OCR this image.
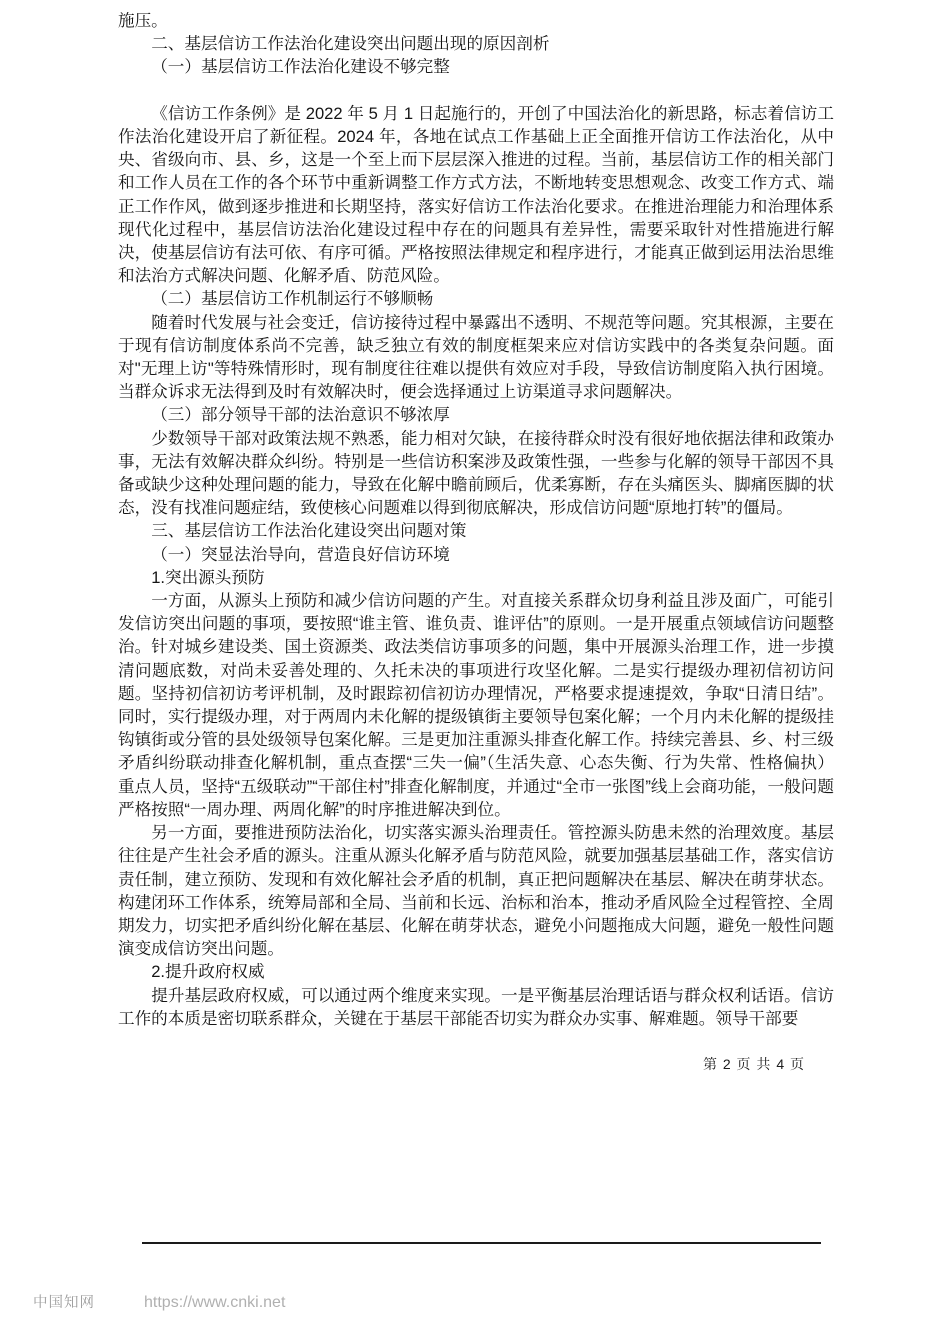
施压。
二、基层信访工作法治化建设突出问题出现的原因剖析
（一）基层信访工作法治化建设不够完整
《信访工作条例》是 2022 年 5 月 1 日起施行的，开创了中国法治化的新思路，标志着信访工作法治化建设开启了新征程。2024 年，各地在试点工作基础上正全面推开信访工作法治化，从中央、省级向市、县、乡，这是一个至上而下层层深入推进的过程。当前，基层信访工作的相关部门和工作人员在工作的各个环节中重新调整工作方式方法，不断地转变思想观念、改变工作方式、端正工作作风，做到逐步推进和长期坚持，落实好信访工作法治化要求。在推进治理能力和治理体系现代化过程中，基层信访法治化建设过程中存在的问题具有差异性，需要采取针对性措施进行解决，使基层信访有法可依、有序可循。严格按照法律规定和程序进行，才能真正做到运用法治思维和法治方式解决问题、化解矛盾、防范风险。
（二）基层信访工作机制运行不够顺畅
随着时代发展与社会变迁，信访接待过程中暴露出不透明、不规范等问题。究其根源，主要在于现有信访制度体系尚不完善，缺乏独立有效的制度框架来应对信访实践中的各类复杂问题。面对"无理上访"等特殊情形时，现有制度往往难以提供有效应对手段，导致信访制度陷入执行困境。当群众诉求无法得到及时有效解决时，便会选择通过上访渠道寻求问题解决。
（三）部分领导干部的法治意识不够浓厚
少数领导干部对政策法规不熟悉，能力相对欠缺，在接待群众时没有很好地依据法律和政策办事，无法有效解决群众纠纷。特别是一些信访积案涉及政策性强，一些参与化解的领导干部因不具备或缺少这种处理问题的能力，导致在化解中瞻前顾后，优柔寡断，存在头痛医头、脚痛医脚的状态，没有找准问题症结，致使核心问题难以得到彻底解决，形成信访问题“原地打转”的僵局。
三、基层信访工作法治化建设突出问题对策
（一）突显法治导向，营造良好信访环境
1.突出源头预防
一方面，从源头上预防和减少信访问题的产生。对直接关系群众切身利益且涉及面广，可能引发信访突出问题的事项，要按照“谁主管、谁负责、谁评估”的原则。一是开展重点领域信访问题整治。针对城乡建设类、国土资源类、政法类信访事项多的问题，集中开展源头治理工作，进一步摸清问题底数，对尚未妥善处理的、久托未决的事项进行攻坚化解。二是实行提级办理初信初访问题。坚持初信初访考评机制，及时跟踪初信初访办理情况，严格要求提速提效，争取“日清日结”。同时，实行提级办理，对于两周内未化解的提级镇街主要领导包案化解；一个月内未化解的提级挂钩镇街或分管的县处级领导包案化解。三是更加注重源头排查化解工作。持续完善县、乡、村三级矛盾纠纷联动排查化解机制，重点查摆“三失一偏”（生活失意、心态失衡、行为失常、性格偏执）重点人员，坚持“五级联动”“干部住村”排查化解制度，并通过“全市一张图”线上会商功能，一般问题严格按照“一周办理、两周化解”的时序推进解决到位。
另一方面，要推进预防法治化，切实落实源头治理责任。管控源头防患未然的治理效度。基层往往是产生社会矛盾的源头。注重从源头化解矛盾与防范风险，就要加强基层基础工作，落实信访责任制，建立预防、发现和有效化解社会矛盾的机制，真正把问题解决在基层、解决在萌芽状态。构建闭环工作体系，统筹局部和全局、当前和长远、治标和治本，推动矛盾风险全过程管控、全周期发力，切实把矛盾纠纷化解在基层、化解在萌芽状态，避免小问题拖成大问题，避免一般性问题演变成信访突出问题。
2.提升政府权威
提升基层政府权威，可以通过两个维度来实现。一是平衡基层治理话语与群众权利话语。信访工作的本质是密切联系群众，关键在于基层干部能否切实为群众办实事、解难题。领导干部要
第 2 页 共 4 页
中国知网	https://www.cnki.net
